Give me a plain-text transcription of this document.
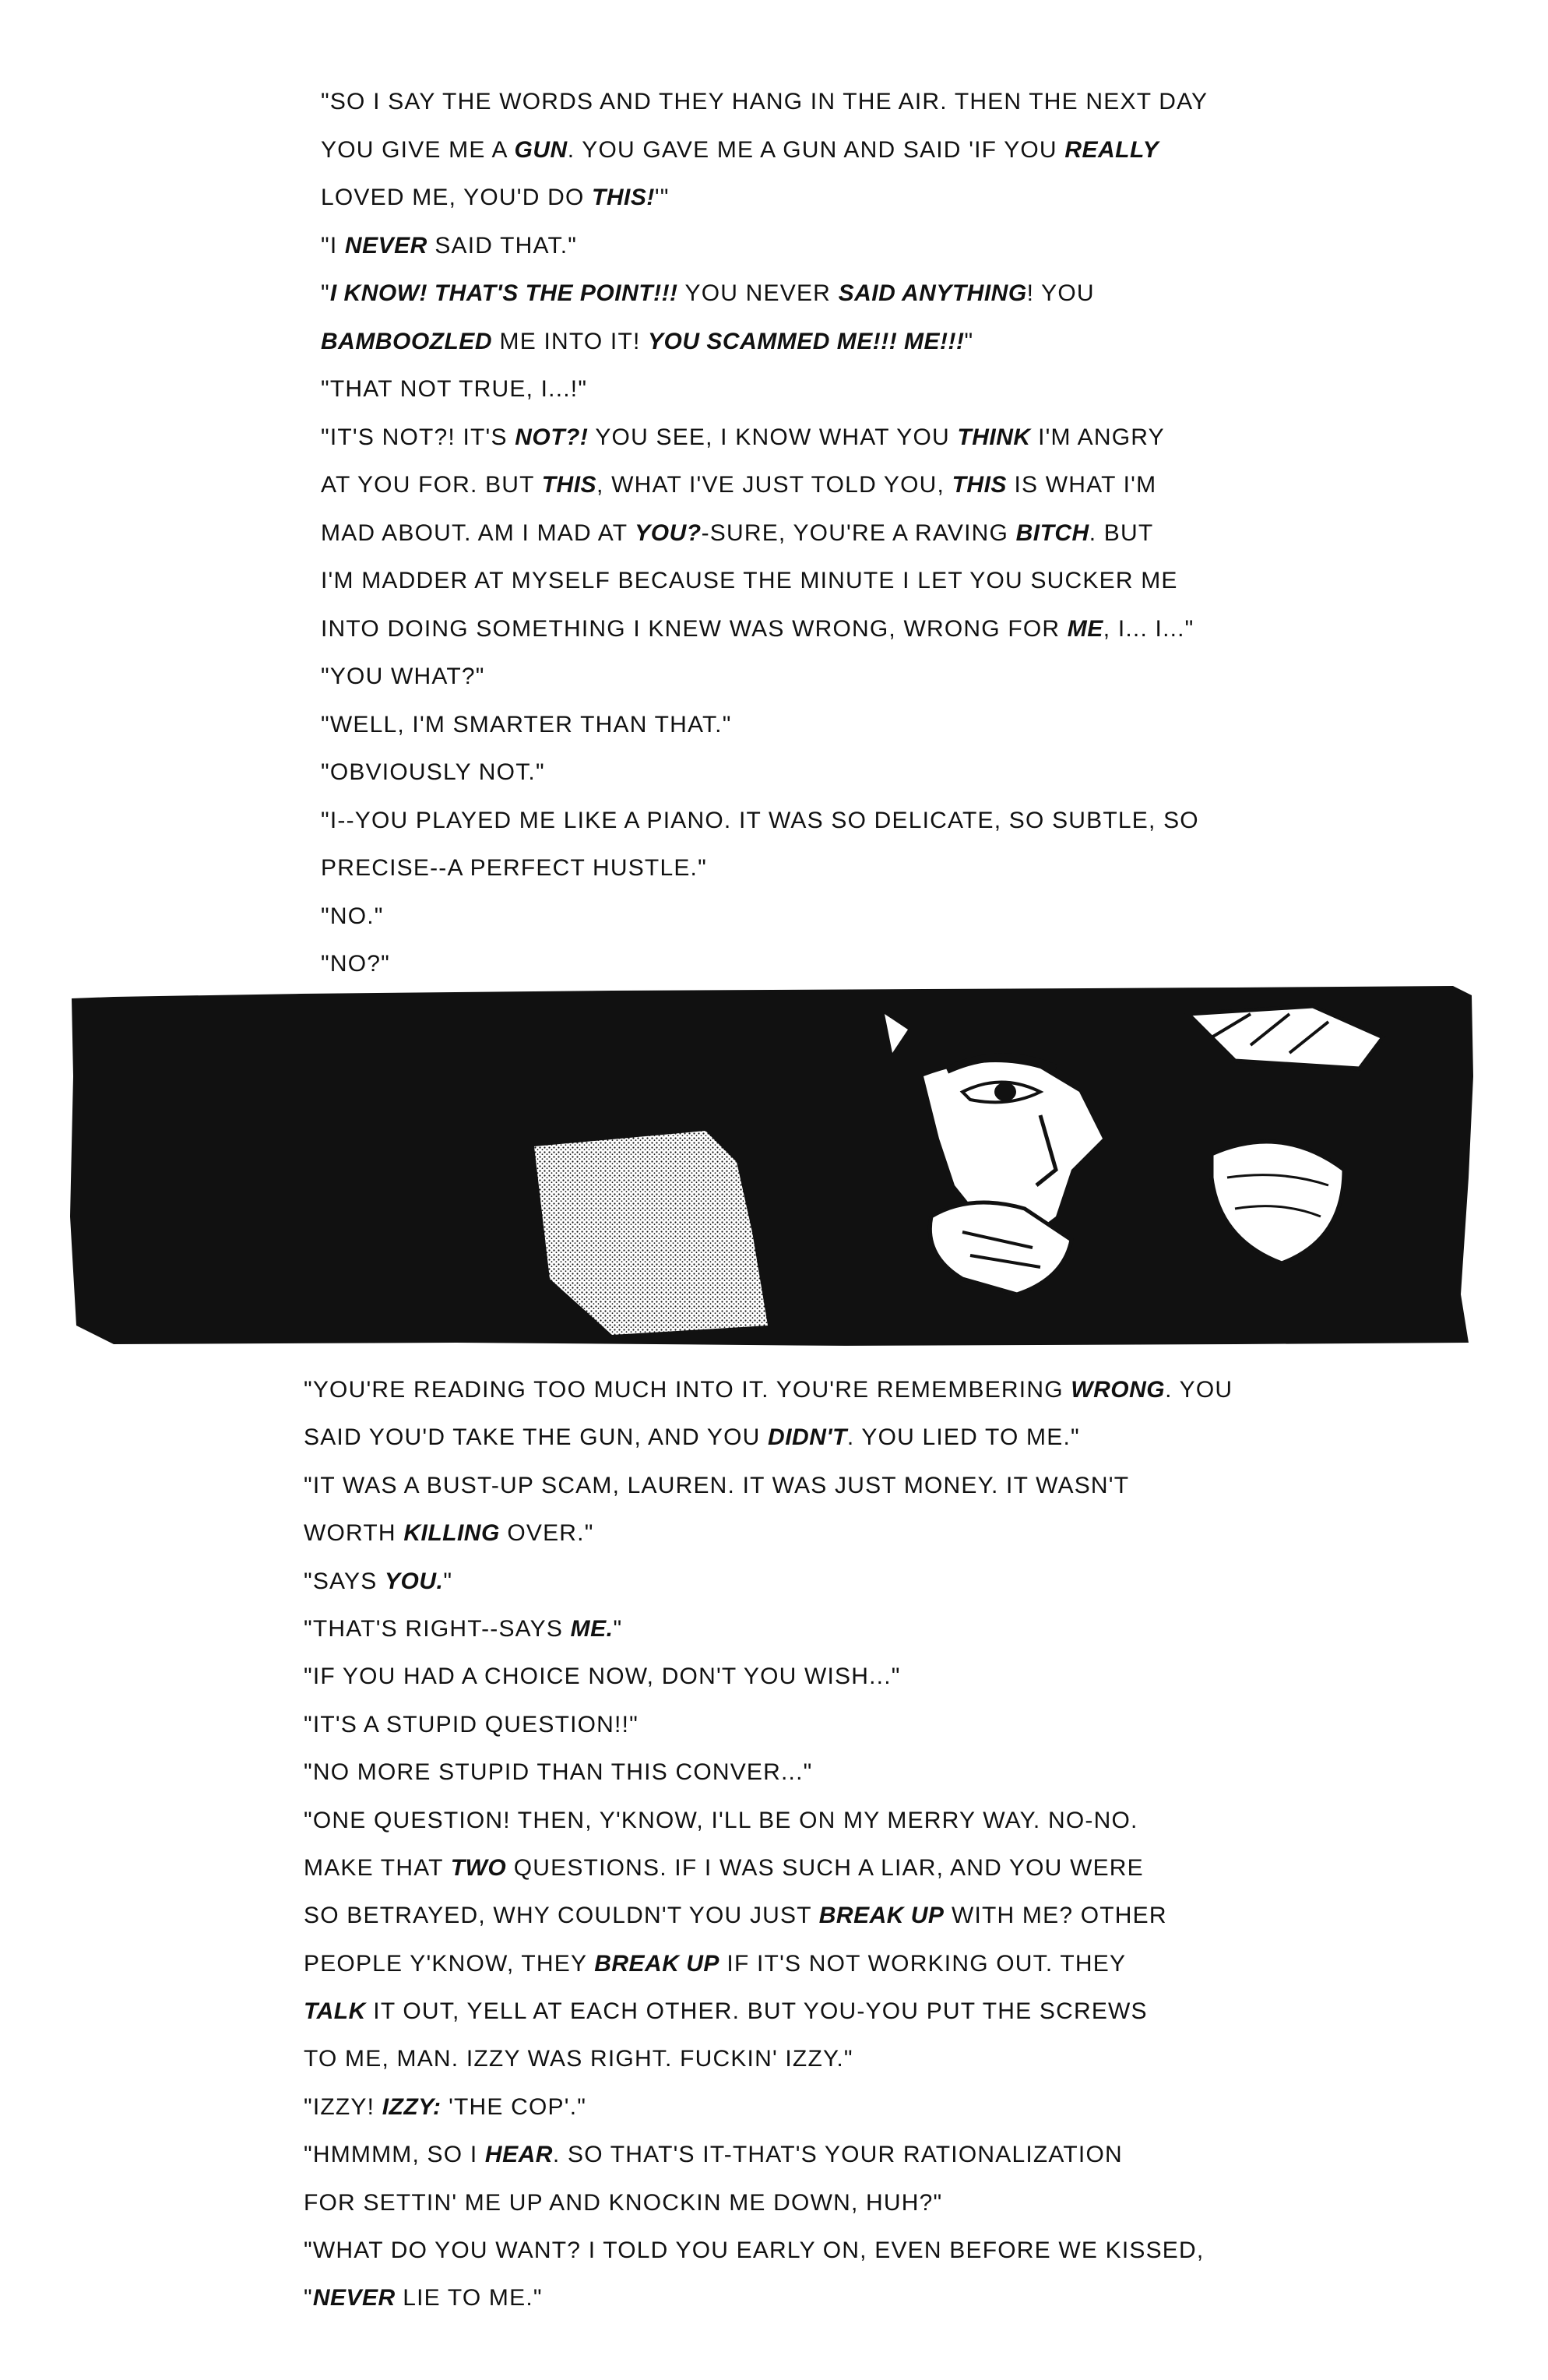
"SO I SAY THE WORDS AND THEY HANG IN THE AIR. THEN THE NEXT DAY
YOU GIVE ME A GUN. YOU GAVE ME A GUN AND SAID 'IF YOU REALLY
LOVED ME, YOU'D DO THIS!'"
"I NEVER SAID THAT."
"I KNOW! THAT'S THE POINT!!! YOU NEVER SAID ANYTHING! YOU
BAMBOOZLED ME INTO IT! YOU SCAMMED ME!!! ME!!!"
"THAT NOT TRUE, I...!"
"IT'S NOT?! IT'S NOT?! YOU SEE, I KNOW WHAT YOU THINK I'M ANGRY
AT YOU FOR. BUT THIS, WHAT I'VE JUST TOLD YOU, THIS IS WHAT I'M
MAD ABOUT. AM I MAD AT YOU?-SURE, YOU'RE A RAVING BITCH. BUT
I'M MADDER AT MYSELF BECAUSE THE MINUTE I LET YOU SUCKER ME
INTO DOING SOMETHING I KNEW WAS WRONG, WRONG FOR ME, I... I..."
"YOU WHAT?"
"WELL, I'M SMARTER THAN THAT."
"OBVIOUSLY NOT."
"I--YOU PLAYED ME LIKE A PIANO. IT WAS SO DELICATE, SO SUBTLE, SO
PRECISE--A PERFECT HUSTLE."
"NO."
"NO?"
"YOU'RE READING TOO MUCH INTO IT. YOU'RE REMEMBERING WRONG. YOU
SAID YOU'D TAKE THE GUN, AND YOU DIDN'T. YOU LIED TO ME."
"IT WAS A BUST-UP SCAM, LAUREN. IT WAS JUST MONEY. IT WASN'T
WORTH KILLING OVER."
"SAYS YOU."
"THAT'S RIGHT--SAYS ME."
"IF YOU HAD A CHOICE NOW, DON'T YOU WISH..."
"IT'S A STUPID QUESTION!!"
"NO MORE STUPID THAN THIS CONVER..."
"ONE QUESTION! THEN, Y'KNOW, I'LL BE ON MY MERRY WAY. NO-NO.
MAKE THAT TWO QUESTIONS. IF I WAS SUCH A LIAR, AND YOU WERE
SO BETRAYED, WHY COULDN'T YOU JUST BREAK UP WITH ME? OTHER
PEOPLE Y'KNOW, THEY BREAK UP IF IT'S NOT WORKING OUT. THEY
TALK IT OUT, YELL AT EACH OTHER. BUT YOU-YOU PUT THE SCREWS
TO ME, MAN. IZZY WAS RIGHT. FUCKIN' IZZY."
"IZZY! IZZY: 'THE COP'."
"HMMMM, SO I HEAR. SO THAT'S IT-THAT'S YOUR RATIONALIZATION
FOR SETTIN' ME UP AND KNOCKIN ME DOWN, HUH?"
"WHAT DO YOU WANT? I TOLD YOU EARLY ON, EVEN BEFORE WE KISSED,
"NEVER LIE TO ME."
